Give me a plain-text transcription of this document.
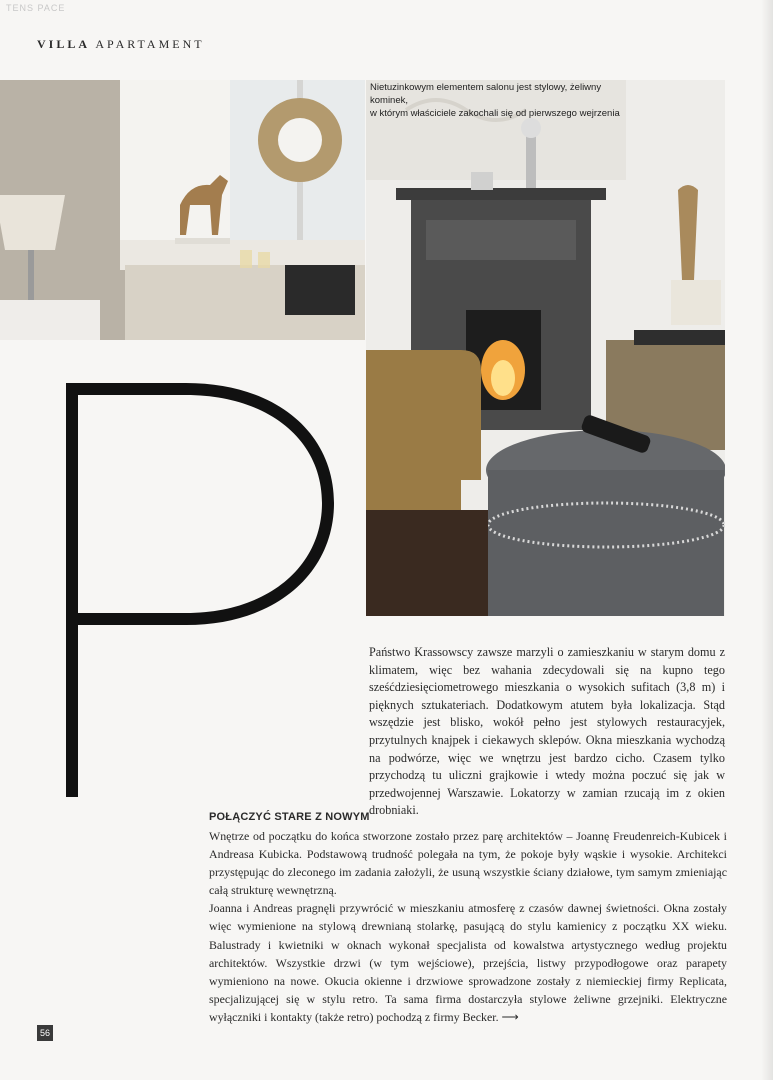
TENS PACE
VILLA APARTAMENT
Nietuzinkowym elementem salonu jest stylowy, żeliwny kominek,
w którym właściciele zakochali się od pierwszego wejrzenia
Państwo Krassowscy zawsze marzyli o zamieszkaniu w starym domu z klimatem, więc bez wahania zdecydowali się na kupno tego sześćdziesięciometrowego mieszkania o wysokich sufitach (3,8 m) i pięknych sztukateriach. Dodatkowym atutem była lokalizacja. Stąd wszędzie jest blisko, wokół pełno jest stylowych restauracyjek, przytulnych knajpek i ciekawych sklepów. Okna mieszkania wychodzą na podwórze, więc we wnętrzu jest bardzo cicho. Czasem tylko przychodzą tu uliczni grajkowie i wtedy można poczuć się jak w przedwojennej Warszawie. Lokatorzy w zamian rzucają im z okien drobniaki.
POŁĄCZYĆ STARE Z NOWYM

Wnętrze od początku do końca stworzone zostało przez parę architektów – Joannę Freudenreich-Kubicek i Andreasa Kubicka. Podstawową trudność polegała na tym, że pokoje były wąskie i wysokie. Architekci przystępując do zleconego im zadania założyli, że usuną wszystkie ściany działowe, tym samym zmieniając całą strukturę wewnętrzną.

Joanna i Andreas pragnęli przywrócić w mieszkaniu atmosferę z czasów dawnej świetności. Okna zostały więc wymienione na stylową drewnianą stolarkę, pasującą do stylu kamienicy z początku XX wieku. Balustrady i kwietniki w oknach wykonał specjalista od kowalstwa artystycznego według projektu architektów. Wszystkie drzwi (w tym wejściowe), przejścia, listwy przypodłogowe oraz parapety wymieniono na nowe. Okucia okienne i drzwiowe sprowadzone zostały z niemieckiej firmy Replicata, specjalizującej się w stylu retro. Ta sama firma dostarczyła stylowe żeliwne grzejniki. Elektryczne wyłączniki i kontakty (także retro) pochodzą z firmy Becker. ⟶

56
